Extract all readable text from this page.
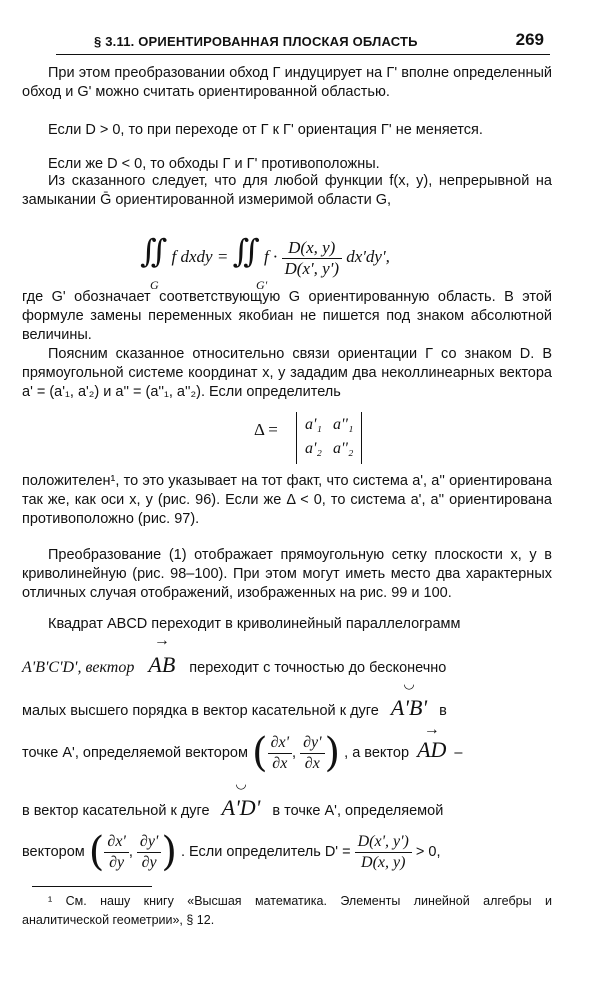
§ 3.11. ОРИЕНТИРОВАННАЯ ПЛОСКАЯ ОБЛАСТЬ	269
При этом преобразовании обход Γ индуцирует на Γ' вполне определенный обход и G' можно считать ориентированной областью.
Если D > 0, то при переходе от Γ к Γ' ориентация Γ' не меняется.
Если же D < 0, то обходы Γ и Γ' противоположны.
Из сказанного следует, что для любой функции f(x, y), непрерывной на замыкании Ḡ ориентированной измеримой области G,
∬ f dxdy = ∬ $f \cdot \frac{D(x, y)}{D(x', y')} dx'dy'$,
G	G'
где G' обозначает соответствующую G ориентированную область. В этой формуле замены переменных якобиан не пишется под знаком абсолютной величины.
Поясним сказанное относительно связи ориентации Γ со знаком D. В прямоугольной системе координат x, y зададим два неколлинеарных вектора a' = (a'₁, a'₂) и a'' = (a''₁, a''₂). Если определитель
Δ = a'₁ a''₁
a'₂ a''₂
положителен¹, то это указывает на тот факт, что система a', a'' ориентирована так же, как оси x, y (рис. 96). Если же Δ < 0, то система a', a'' ориентирована противоположно (рис. 97).
Преобразование (1) отображает прямоугольную сетку плоскости x, y в криволинейную (рис. 98–100). При этом могут иметь место два характерных отличных случая отображений, изображенных на рис. 99 и 100.
Квадрат ABCD переходит в криволинейный параллелограмм
A'B'C'D', вектор → AB переходит с точностью до бесконечно
малых высшего порядка в вектор касательной к дуге ◡ A'B' в
точке A', определяемой вектором ( $\frac{\partial x'}{\partial x}$ , $\frac{\partial y'}{\partial x}$ ) , а вектор → AD –
в вектор касательной к дуге ◡ A'D' в точке A', определяемой
вектором ( $\frac{\partial x'}{\partial y}$ , $\frac{\partial y'}{\partial y}$ ) . Если определитель $D' = \frac{D(x', y')}{D(x, y)} > 0$,
¹ См. нашу книгу «Высшая математика. Элементы линейной алгебры и аналитической геометрии», § 12.
